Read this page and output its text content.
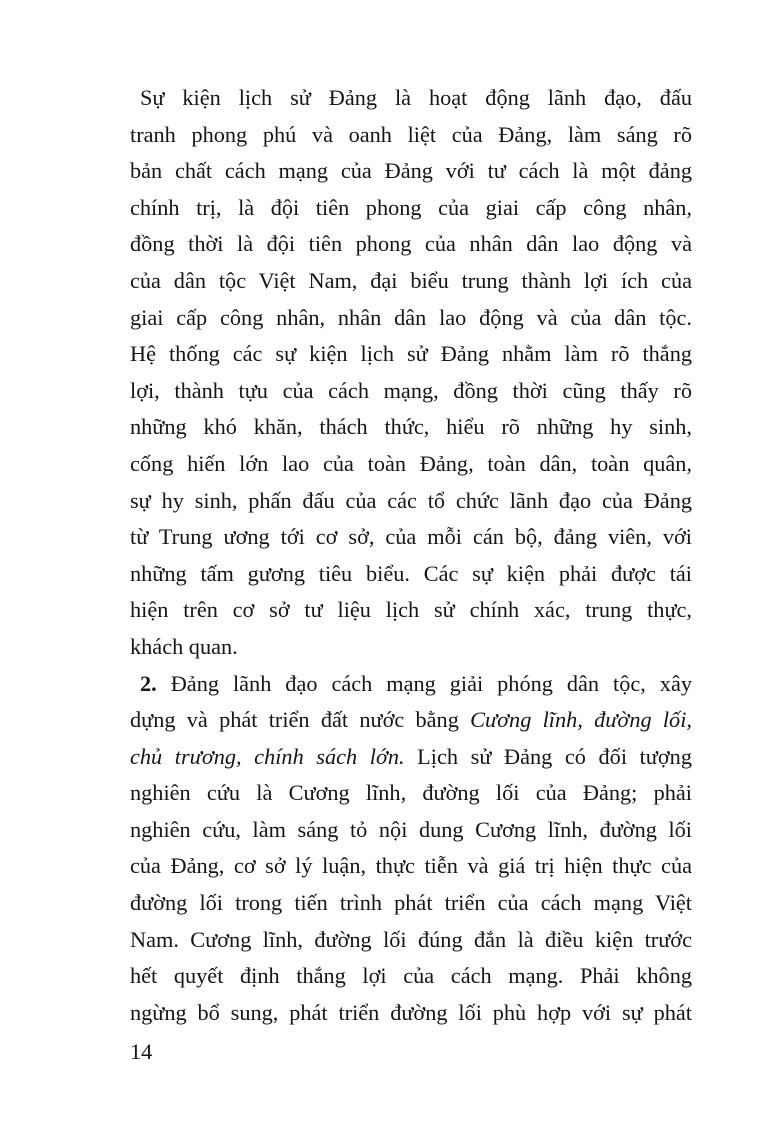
Sự kiện lịch sử Đảng là hoạt động lãnh đạo, đấu
tranh phong phú và oanh liệt của Đảng, làm sáng rõ
bản chất cách mạng của Đảng với tư cách là một đảng
chính trị, là đội tiên phong của giai cấp công nhân,
đồng thời là đội tiên phong của nhân dân lao động và
của dân tộc Việt Nam, đại biểu trung thành lợi ích của
giai cấp công nhân, nhân dân lao động và của dân tộc.
Hệ thống các sự kiện lịch sử Đảng nhằm làm rõ thắng
lợi, thành tựu của cách mạng, đồng thời cũng thấy rõ
những khó khăn, thách thức, hiểu rõ những hy sinh,
cống hiến lớn lao của toàn Đảng, toàn dân, toàn quân,
sự hy sinh, phấn đấu của các tổ chức lãnh đạo của Đảng
từ Trung ương tới cơ sở, của mỗi cán bộ, đảng viên, với
những tấm gương tiêu biểu. Các sự kiện phải được tái
hiện trên cơ sở tư liệu lịch sử chính xác, trung thực,
khách quan.
2. Đảng lãnh đạo cách mạng giải phóng dân tộc, xây
dựng và phát triển đất nước bằng Cương lĩnh, đường lối,
chủ trương, chính sách lớn. Lịch sử Đảng có đối tượng
nghiên cứu là Cương lĩnh, đường lối của Đảng; phải
nghiên cứu, làm sáng tỏ nội dung Cương lĩnh, đường lối
của Đảng, cơ sở lý luận, thực tiễn và giá trị hiện thực của
đường lối trong tiến trình phát triển của cách mạng Việt
Nam. Cương lĩnh, đường lối đúng đắn là điều kiện trước
hết quyết định thắng lợi của cách mạng. Phải không
ngừng bổ sung, phát triển đường lối phù hợp với sự phát
14
